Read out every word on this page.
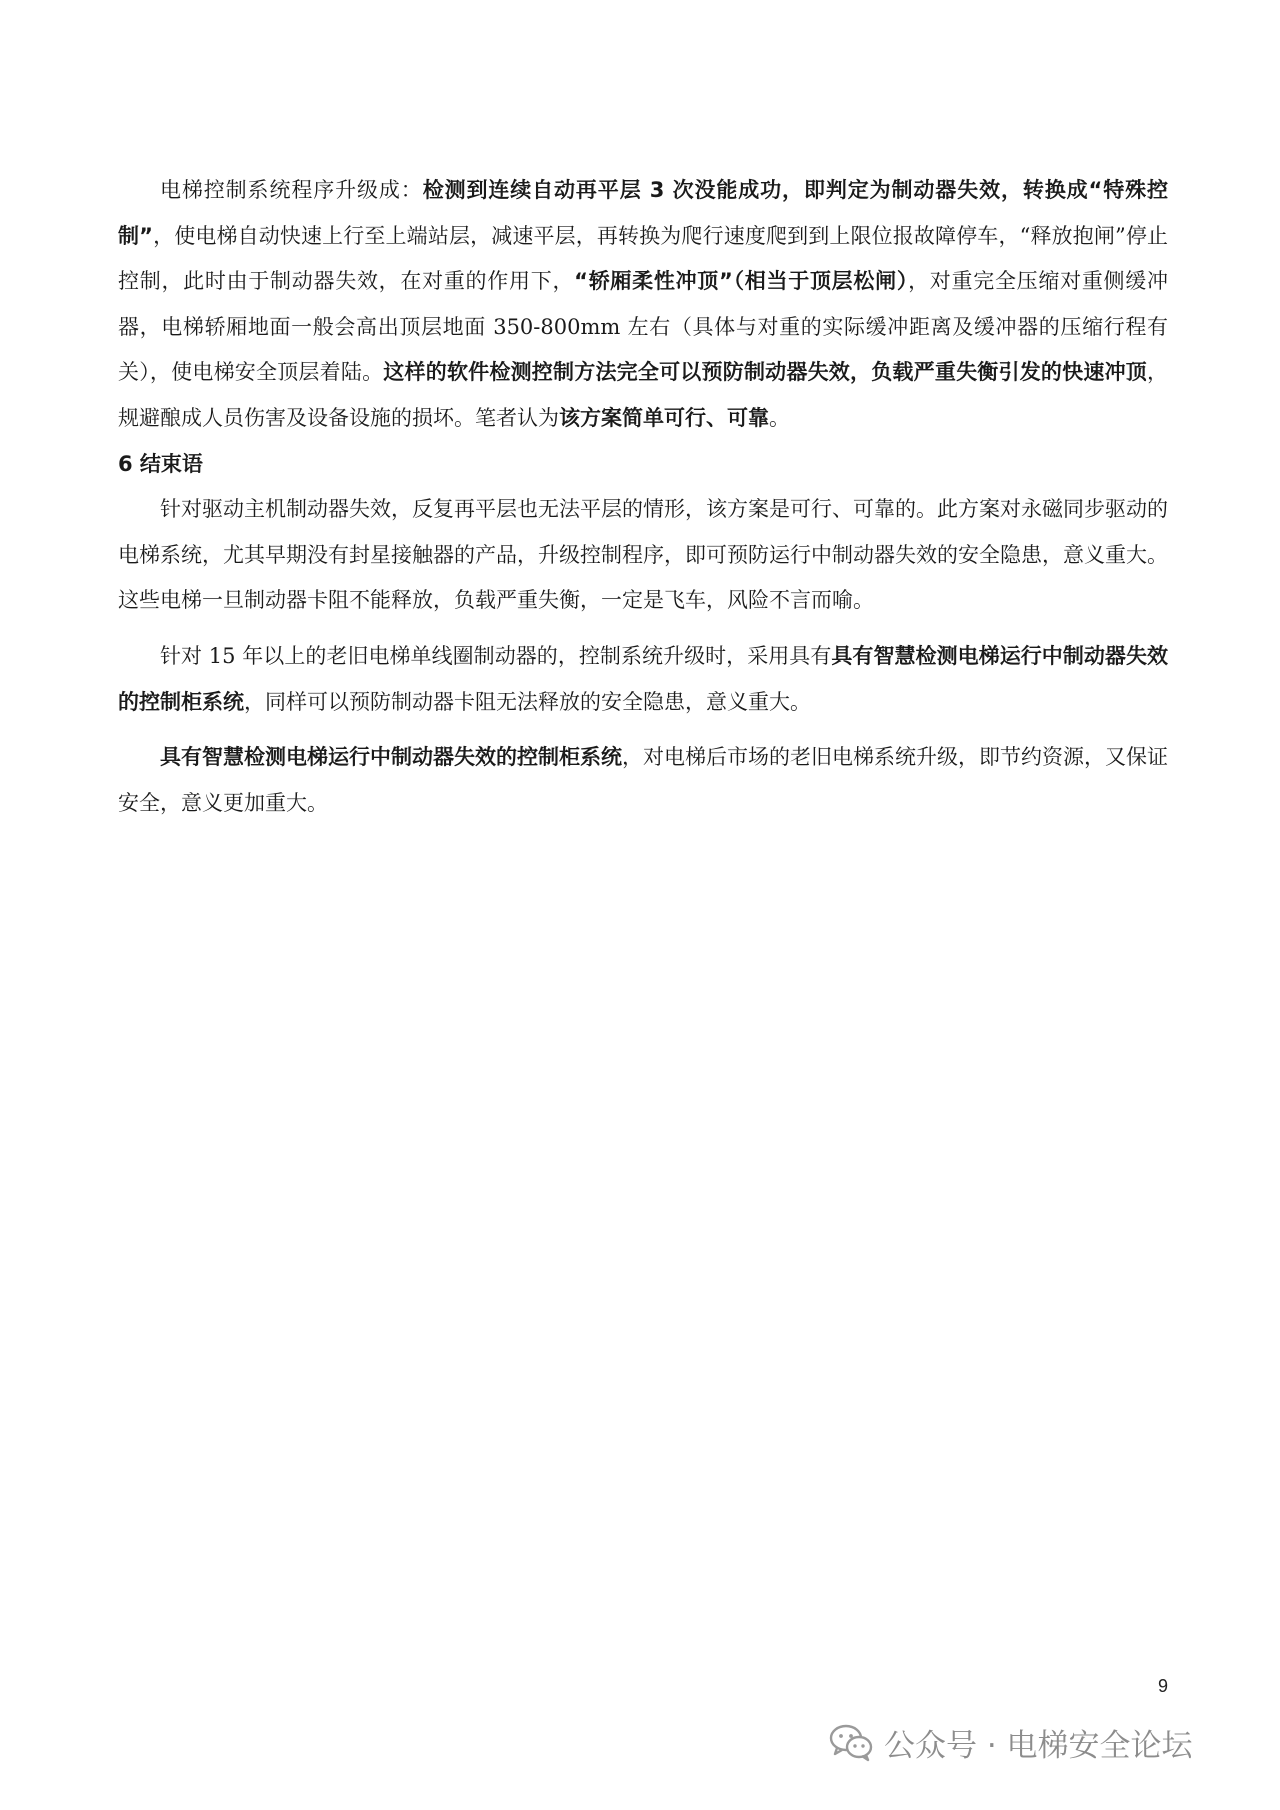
电梯控制系统程序升级成：检测到连续自动再平层 3 次没能成功，即判定为制动器失效，转换成“特殊控制”，使电梯自动快速上行至上端站层，减速平层，再转换为爬行速度爬到到上限位报故障停车，“释放抱闸”停止控制，此时由于制动器失效，在对重的作用下，“轿厢柔性冲顶”（相当于顶层松闸），对重完全压缩对重侧缓冲器，电梯轿厢地面一般会高出顶层地面 350-800mm 左右（具体与对重的实际缓冲距离及缓冲器的压缩行程有关），使电梯安全顶层着陆。这样的软件检测控制方法完全可以预防制动器失效，负载严重失衡引发的快速冲顶，规避酿成人员伤害及设备设施的损坏。笔者认为该方案简单可行、可靠。

6 结束语

针对驱动主机制动器失效，反复再平层也无法平层的情形，该方案是可行、可靠的。此方案对永磁同步驱动的电梯系统，尤其早期没有封星接触器的产品，升级控制程序，即可预防运行中制动器失效的安全隐患，意义重大。这些电梯一旦制动器卡阻不能释放，负载严重失衡，一定是飞车，风险不言而喻。

针对 15 年以上的老旧电梯单线圈制动器的，控制系统升级时，采用具有具有智慧检测电梯运行中制动器失效的控制柜系统，同样可以预防制动器卡阻无法释放的安全隐患，意义重大。

具有智慧检测电梯运行中制动器失效的控制柜系统，对电梯后市场的老旧电梯系统升级，即节约资源，又保证安全，意义更加重大。

9
公众号 · 电梯安全论坛
